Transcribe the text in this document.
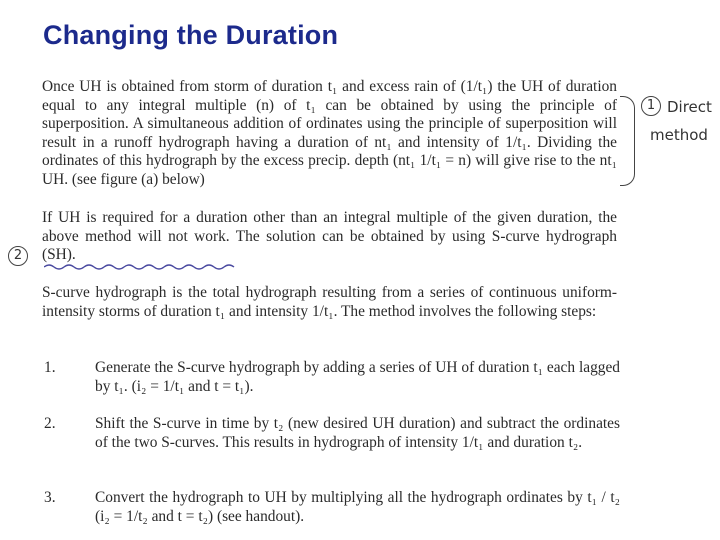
Changing the Duration

Once UH is obtained from storm of duration t₁ and excess rain of (1/t₁) the UH of duration equal to any integral multiple (n) of t₁ can be obtained by using the principle of superposition. A simultaneous addition of ordinates using the principle of superposition will result in a runoff hydrograph having a duration of nt₁ and intensity of 1/t₁. Dividing the ordinates of this hydrograph by the excess precip. depth (nt₁ 1/t₁ = n) will give rise to the nt₁ UH. (see figure (a) below)

If UH is required for a duration other than an integral multiple of the given duration, the above method will not work. The solution can be obtained by using S-curve hydrograph (SH).

S-curve hydrograph is the total hydrograph resulting from a series of continuous uniform-intensity storms of duration t₁ and intensity 1/t₁. The method involves the following steps:

1.	Generate the S-curve hydrograph by adding a series of UH of duration t₁ each lagged by t₁. (i₂ = 1/t₁ and t = t₁).

2.	Shift the S-curve in time by t₂ (new desired UH duration) and subtract the ordinates of the two S-curves. This results in hydrograph of intensity 1/t₁ and duration t₂.

3.	Convert the hydrograph to UH by multiplying all the hydrograph ordinates by t₁ / t₂ (i₂ = 1/t₂ and t = t₂) (see handout).

1 Direct
method
2
